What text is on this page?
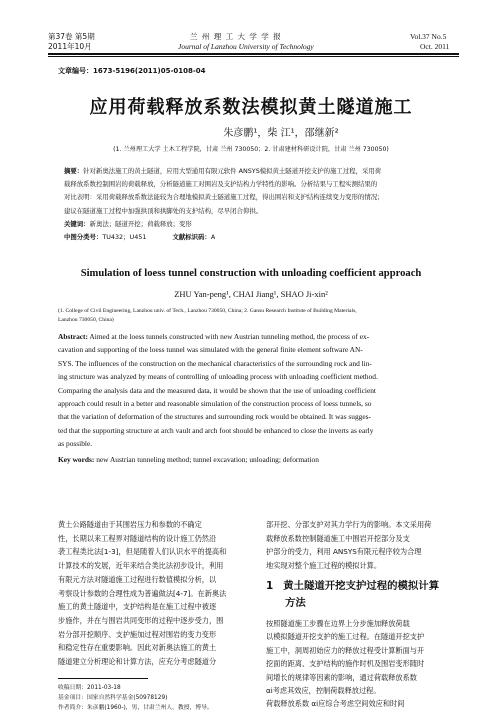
第37卷 第5期
2011年10月
兰 州 理 工 大 学 学 报
Journal of Lanzhou University of Technology
Vol.37 No.5
Oct. 2011
文章编号：1673-5196(2011)05-0108-04
应用荷载释放系数法模拟黄土隧道施工
朱彦鹏¹，柴 江¹，邵继新²
(1. 兰州理工大学 土木工程学院，甘肃 兰州 730050；2. 甘肃建材科研设计院，甘肃 兰州 730050)
摘要：针对新奥法施工的黄土隧道，应用大型通用有限元软件 ANSYS模拟黄土隧道开挖支护的施工过程，采用荷
载释放系数控制围岩的荷载释放，分析隧道施工对围岩及支护结构力学特性的影响。分析结果与工程实测结果的
对比表明：采用荷载释放系数法能较为合理地模拟黄土隧道施工过程，得出围岩和支护结构连续变力变形的情况；
建议在隧道施工过程中加强拱顶和拱脚处的支护结构，尽早闭合仰拱。
关键词：新奥法；隧道开挖；荷载释放；变形
中图分类号：TU432；U451	文献标识码：A
Simulation of loess tunnel construction with unloading coefficient approach
ZHU Yan-peng¹, CHAI Jiang¹, SHAO Ji-xin²
(1. College of Civil Engineering, Lanzhou univ. of Tech., Lanzhou 730050, China; 2. Gansu Research Institute of Building Materials,
Lanzhou 730050, China)
Abstract: Aimed at the loess tunnels constructed with new Austrian tunneling method, the process of ex-
cavation and supporting of the loess tunnel was simulated with the general finite element software AN-
SYS. The influences of the construction on the mechanical characteristics of the surrounding rock and lin-
ing structure was analyzed by means of controlling of unloading process with unloading coefficient method.
Comparing the analysis data and the measured data, it would be shown that the use of unloading coefficient
approach could result in a better and reasonable simulation of the construction process of loess tunnels, so
that the variation of deformation of the structures and surrounding rock would be obtained. It was sugges-
ted that the supporting structure at arch vault and arch foot should be enhanced to close the inverts as early
as possible.
Key words: new Austrian tunneling method; tunnel excavation; unloading; deformation
黄土公路隧道由于其围岩压力和参数的不确定
性，长期以来工程界对隧道结构的设计施工仍然沿
袭工程类比法[1-3]，但是随着人们认识水平的提高和
计算技术的发展，近年来结合类比法初步设计，利用
有限元方法对隧道施工过程进行数值模拟分析，以
考察设计参数的合理性成为普遍做法[4-7]。在新奥法
施工的黄土隧道中，支护结构是在施工过程中被逐
步施作，并在与围岩共同变形的过程中逐步受力，围
岩分部开挖顺序、支护施加过程对围岩的变力变形
和稳定性存在重要影响。因此对新奥法施工的黄土
隧道建立分析理论和计算方法，应充分考虑隧道分
收稿日期：2011-03-18
基金项目：国家自然科学基金(50978129)
作者简介：朱彦鹏(1960-)，男，甘肃兰州人，教授，博导。
部开挖、分部支护对其力学行为的影响。本文采用荷
载释放系数控制隧道施工中围岩开挖部分及支
护部分的受力，利用 ANSYS有限元程序较为合理
地实现对整个施工过程的模拟计算。
1 黄土隧道开挖支护过程的模拟计算
方法
按照隧道施工步骤在边界上分步施加释放荷载
以模拟隧道开挖支护的施工过程。在隧道开挖支护
施工中，洞周初始应力的释放过程受计算断面与开
挖面的距离、支护结构的施作时机及围岩变形随时
间增长的规律等因素的影响，通过荷载释放系数
αi考虑其效应，控制荷载释放过程。
荷载释放系数 αi应综合考虑空间效应和时间
